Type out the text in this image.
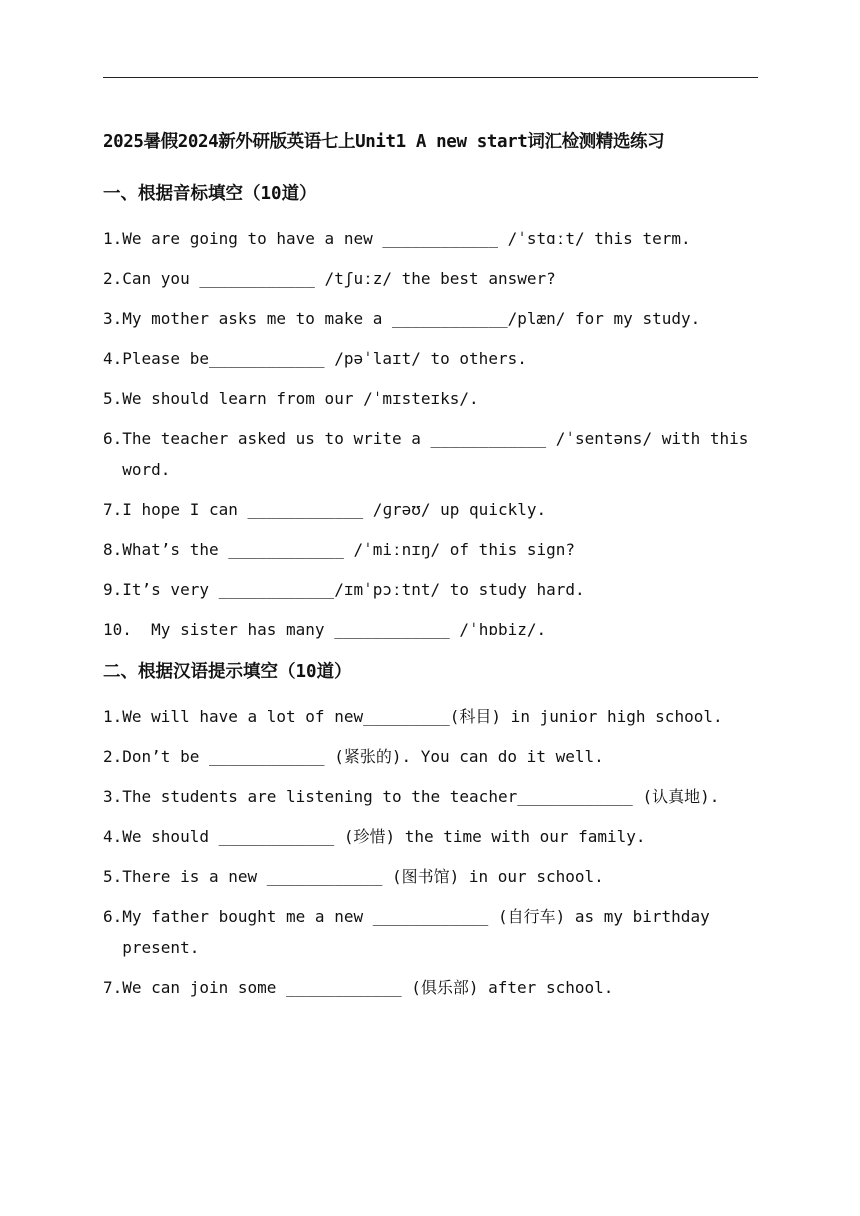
2025暑假2024新外研版英语七上Unit1 A new start词汇检测精选练习
一、根据音标填空（10道）
1. We are going to have a new ____________ /ˈstɑːt/ this term.
2. Can you ____________ /tʃuːz/ the best answer?
3. My mother asks me to make a ____________/plæn/ for my study.
4. Please be____________ /pəˈlaɪt/ to others.
5. We should learn from our /ˈmɪsteɪks/.
6. The teacher asked us to write a ____________ /ˈsentəns/ with this word.
7. I hope I can ____________ /ɡrəʊ/ up quickly.
8. What’s the ____________ /ˈmiːnɪŋ/ of this sign?
9. It’s very ____________/ɪmˈpɔːtnt/ to study hard.
10. My sister has many ____________ /ˈhɒbiz/.
二、根据汉语提示填空（10道）
1. We will have a lot of new_________(科目) in junior high school.
2. Don’t be ____________ (紧张的). You can do it well.
3. The students are listening to the teacher____________ (认真地).
4. We should ____________ (珍惜) the time with our family.
5. There is a new ____________ (图书馆) in our school.
6. My father bought me a new ____________ (自行车) as my birthday present.
7. We can join some ____________ (俱乐部) after school.
